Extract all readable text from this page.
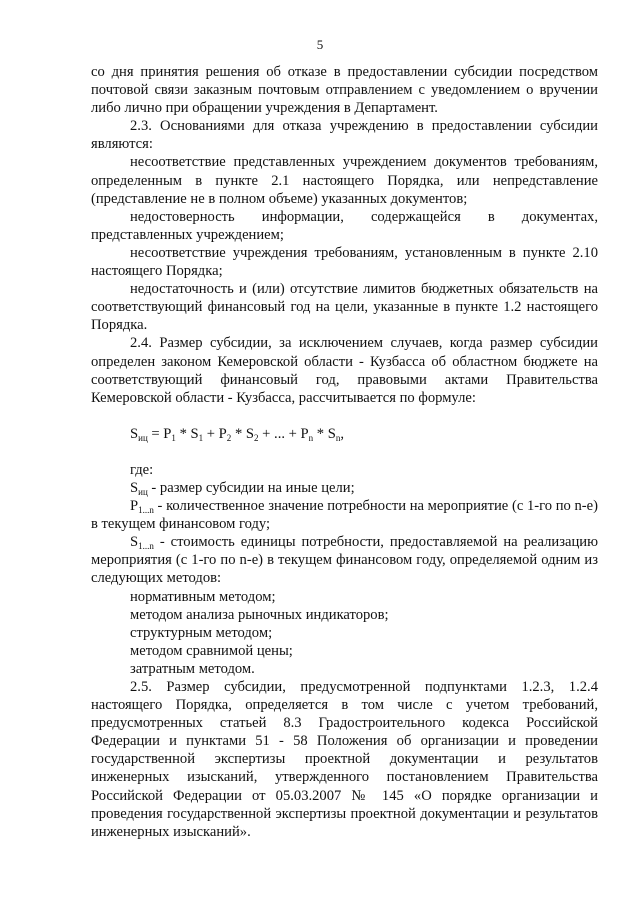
5

со дня принятия решения об отказе в предоставлении субсидии посредством почтовой связи заказным почтовым отправлением с уведомлением о вручении либо лично при обращении учреждения в Департамент.

2.3. Основаниями для отказа учреждению в предоставлении субсидии являются:

несоответствие представленных учреждением документов требованиям, определенным в пункте 2.1 настоящего Порядка, или непредставление (представление не в полном объеме) указанных документов;

недостоверность информации, содержащейся в документах, представленных учреждением;

несоответствие учреждения требованиям, установленным в пункте 2.10 настоящего Порядка;

недостаточность и (или) отсутствие лимитов бюджетных обязательств на соответствующий финансовый год на цели, указанные в пункте 1.2 настоящего Порядка.

2.4. Размер субсидии, за исключением случаев, когда размер субсидии определен законом Кемеровской области - Кузбасса об областном бюджете на соответствующий финансовый год, правовыми актами Правительства Кемеровской области - Кузбасса, рассчитывается по формуле:

$S_{иц} = P_1 * S_1 + P_2 * S_2$ + ... + $P_n * S_n$,

где:

$S_{иц}$ - размер субсидии на иные цели;

$P_{1...n}$ - количественное значение потребности на мероприятие (с 1-го по n-е) в текущем финансовом году;

$S_{1...n}$ - стоимость единицы потребности, предоставляемой на реализацию мероприятия (с 1-го по n-е) в текущем финансовом году, определяемой одним из следующих методов:

нормативным методом;

методом анализа рыночных индикаторов;

структурным методом;

методом сравнимой цены;

затратным методом.

2.5. Размер субсидии, предусмотренной подпунктами 1.2.3, 1.2.4 настоящего Порядка, определяется в том числе с учетом требований, предусмотренных статьей 8.3 Градостроительного кодекса Российской Федерации и пунктами 51 - 58 Положения об организации и проведении государственной экспертизы проектной документации и результатов инженерных изысканий, утвержденного постановлением Правительства Российской Федерации от 05.03.2007 № 145 «О порядке организации и проведения государственной экспертизы проектной документации и результатов инженерных изысканий».
